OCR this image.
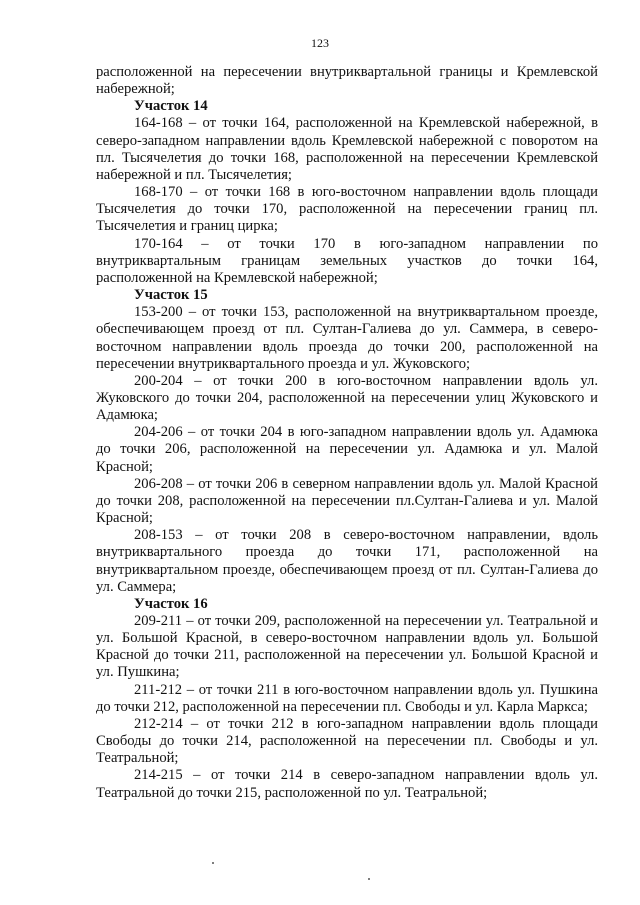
123

расположенной на пересечении внутриквартальной границы и Кремлевской набережной;

Участок 14

164-168 – от точки 164, расположенной на Кремлевской набережной, в северо-западном направлении вдоль Кремлевской набережной с поворотом на пл. Тысячелетия до точки 168, расположенной на пересечении Кремлевской набережной и пл. Тысячелетия;

168-170 – от точки 168 в юго-восточном направлении вдоль площади Тысячелетия до точки 170, расположенной на пересечении границ пл. Тысячелетия и границ цирка;

170-164 – от точки 170 в юго-западном направлении по внутриквартальным границам земельных участков до точки 164, расположенной на Кремлевской набережной;

Участок 15

153-200 – от точки 153, расположенной на внутриквартальном проезде, обеспечивающем проезд от пл. Султан-Галиева до ул. Саммера, в северо-восточном направлении вдоль проезда до точки 200, расположенной на пересечении внутриквартального проезда и ул. Жуковского;

200-204 – от точки 200 в юго-восточном направлении вдоль ул. Жуковского до точки 204, расположенной на пересечении улиц Жуковского и Адамюка;

204-206 – от точки 204 в юго-западном направлении вдоль ул. Адамюка до точки 206, расположенной на пересечении ул. Адамюка и ул. Малой Красной;

206-208 – от точки 206 в северном направлении вдоль ул. Малой Красной до точки 208, расположенной на пересечении пл.Султан-Галиева и ул. Малой Красной;

208-153 – от точки 208 в северо-восточном направлении, вдоль внутриквартального проезда до точки 171, расположенной на внутриквартальном проезде, обеспечивающем проезд от пл. Султан-Галиева до ул. Саммера;

Участок 16

209-211 – от точки 209, расположенной на пересечении ул. Театральной и ул. Большой Красной, в северо-восточном направлении вдоль ул. Большой Красной до точки 211, расположенной на пересечении ул. Большой Красной и ул. Пушкина;

211-212 – от точки 211 в юго-восточном направлении вдоль ул. Пушкина до точки 212, расположенной на пересечении пл. Свободы и ул. Карла Маркса;

212-214 – от точки 212 в юго-западном направлении вдоль площади Свободы до точки 214, расположенной на пересечении пл. Свободы и ул. Театральной;

214-215 – от точки 214 в северо-западном направлении вдоль ул. Театральной до точки 215, расположенной по ул. Театральной;
